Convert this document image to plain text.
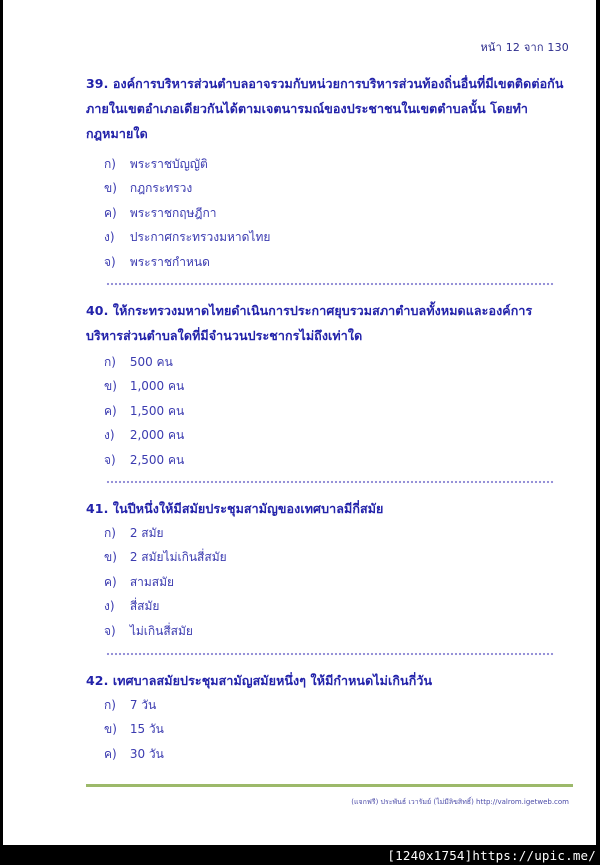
หน้า 12 จาก 130
39. องค์การบริหารส่วนตำบลอาจรวมกับหน่วยการบริหารส่วนท้องถิ่นอื่นที่มีเขตติดต่อกัน
ภายในเขตอำเภอเดียวกันได้ตามเจตนารมณ์ของประชาชนในเขตตำบลนั้น โดยทำ
กฎหมายใด
ก) พระราชบัญญัติ
ข) กฎกระทรวง
ค) พระราชกฤษฎีกา
ง) ประกาศกระทรวงมหาดไทย
จ) พระราชกำหนด
40. ให้กระทรวงมหาดไทยดำเนินการประกาศยุบรวมสภาตำบลทั้งหมดและองค์การ
บริหารส่วนตำบลใดที่มีจำนวนประชากรไม่ถึงเท่าใด
ก) 500 คน
ข) 1,000 คน
ค) 1,500 คน
ง) 2,000 คน
จ) 2,500 คน
41. ในปีหนึ่งให้มีสมัยประชุมสามัญของเทศบาลมีกี่สมัย
ก) 2 สมัย
ข) 2 สมัยไม่เกินสี่สมัย
ค) สามสมัย
ง) สี่สมัย
จ) ไม่เกินสี่สมัย
42. เทศบาลสมัยประชุมสามัญสมัยหนึ่งๆ ให้มีกำหนดไม่เกินกี่วัน
ก) 7 วัน
ข) 15 วัน
ค) 30 วัน
(แจกฟรี) ประพันธ์ เวารัมย์ (ไม่มีลิขสิทธิ์) http://valrom.igetweb.com
[1240x1754]https://upic.me/
